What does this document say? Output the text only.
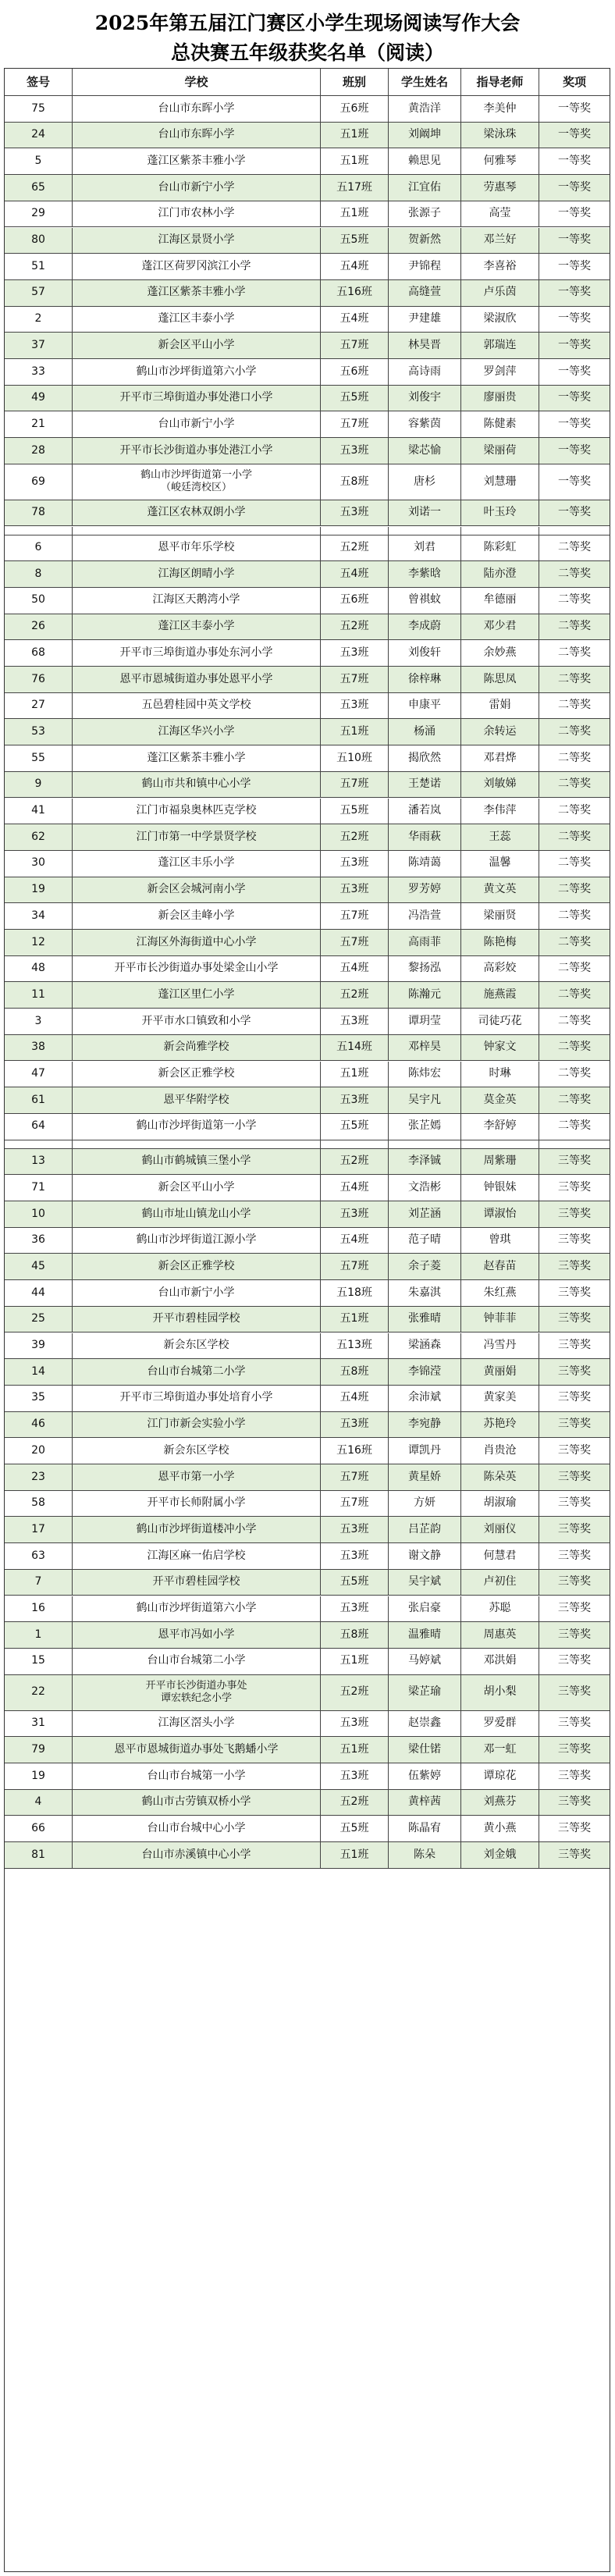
2025年第五届江门赛区小学生现场阅读写作大会
总决赛五年级获奖名单（阅读）
签号	学校	班别	学生姓名	指导老师	奖项
75	台山市东晖小学	五6班	黄浩洋	李美仲	一等奖
24	台山市东晖小学	五1班	刘阚坤	梁泳珠	一等奖
5	蓬江区紫茶丰雅小学	五1班	赖思见	何雅琴	一等奖
65	台山市新宁小学	五17班	江宜佑	劳惠琴	一等奖
29	江门市农林小学	五1班	张源子	高莹	一等奖
80	江海区景贤小学	五5班	贺新然	邓兰好	一等奖
51	蓬江区荷罗冈滨江小学	五4班	尹锦程	李喜裕	一等奖
57	蓬江区紫茶丰雅小学	五16班	高缝萱	卢乐茵	一等奖
2	蓬江区丰泰小学	五4班	尹建雄	梁淑欣	一等奖
37	新会区平山小学	五7班	林昊晋	郭瑞连	一等奖
33	鹤山市沙坪街道第六小学	五6班	高诗雨	罗剑萍	一等奖
49	开平市三埠街道办事处港口小学	五5班	刘俊宇	廖丽贵	一等奖
21	台山市新宁小学	五7班	容紫茵	陈健素	一等奖
28	开平市长沙街道办事处港江小学	五3班	梁芯愉	梁丽荷	一等奖
69	鹤山市沙坪街道第一小学
（峻廷湾校区）
五8班	唐杉	刘慧珊	一等奖
78	蓬江区农林双朗小学	五3班	刘诺一	叶玉玲	一等奖
6	恩平市年乐学校	五2班	刘君	陈彩虹	二等奖
8	江海区朗晴小学	五4班	李紫晗	陆亦澄	二等奖
50	江海区天鹅湾小学	五6班	曾祺蚊	牟德丽	二等奖
26	蓬江区丰泰小学	五2班	李成蔚	邓少君	二等奖
68	开平市三埠街道办事处东河小学	五3班	刘俊轩	余妙燕	二等奖
76	恩平市恩城街道办事处恩平小学	五7班	徐梓琳	陈思凤	二等奖
27	五邑碧桂园中英文学校	五3班	申康平	雷娟	二等奖
53	江海区华兴小学	五1班	杨涌	余转运	二等奖
55	蓬江区紫茶丰雅小学	五10班	揭欣然	邓君烨	二等奖
9	鹤山市共和镇中心小学	五7班	王楚诺	刘敏娣	二等奖
41	江门市福泉奥林匹克学校	五5班	潘若岚	李伟萍	二等奖
62	江门市第一中学景贤学校	五2班	华雨萩	王蕊	二等奖
30	蓬江区丰乐小学	五3班	陈靖蔼	温馨	二等奖
19	新会区会城河南小学	五3班	罗芳婷	黄文英	二等奖
34	新会区圭峰小学	五7班	冯浩萱	梁丽贤	二等奖
12	江海区外海街道中心小学	五7班	高雨菲	陈艳梅	二等奖
48	开平市长沙街道办事处梁金山小学	五4班	黎扬泓	高彩姣	二等奖
11	蓬江区里仁小学	五2班	陈瀚元	施燕霞	二等奖
3	开平市水口镇致和小学	五3班	谭玥莹	司徒巧花	二等奖
38	新会尚雅学校	五14班	邓梓昊	钟家文	二等奖
47	新会区正雅学校	五1班	陈炜宏	时琳	二等奖
61	恩平华附学校	五3班	吴宇凡	莫金英	二等奖
64	鹤山市沙坪街道第一小学	五5班	张芷嫣	李舒婷	二等奖
13	鹤山市鹤城镇三堡小学	五2班	李泽铖	周紫珊	三等奖
71	新会区平山小学	五4班	文浩彬	钟银妹	三等奖
10	鹤山市址山镇龙山小学	五3班	刘芷涵	谭淑怡	三等奖
36	鹤山市沙坪街道江源小学	五4班	范子晴	曾琪	三等奖
45	新会区正雅学校	五7班	余子菱	赵春苗	三等奖
44	台山市新宁小学	五18班	朱嘉淇	朱红燕	三等奖
25	开平市碧桂园学校	五1班	张雅晴	钟菲菲	三等奖
39	新会东区学校	五13班	梁涵森	冯雪丹	三等奖
14	台山市台城第二小学	五8班	李锦滢	黄丽娟	三等奖
35	开平市三埠街道办事处培育小学	五4班	余沛斌	黄家美	三等奖
46	江门市新会实验小学	五3班	李宛静	苏艳玲	三等奖
20	新会东区学校	五16班	谭凯丹	肖贵沧	三等奖
23	恩平市第一小学	五7班	黄星娇	陈朵英	三等奖
58	开平市长师附属小学	五7班	方妍	胡淑瑜	三等奖
17	鹤山市沙坪街道楼冲小学	五3班	吕芷韵	刘丽仪	三等奖
63	江海区麻一佑启学校	五3班	谢文静	何慧君	三等奖
7	开平市碧桂园学校	五5班	吴宇斌	卢初住	三等奖
16	鹤山市沙坪街道第六小学	五3班	张启豪	苏聪	三等奖
1	恩平市冯如小学	五8班	温雅晴	周惠英	三等奖
15	台山市台城第二小学	五1班	马婷斌	邓洪娟	三等奖
22	开平市长沙街道办事处
谭宏轶纪念小学
五2班	梁芷瑜	胡小梨	三等奖
31	江海区滘头小学	五3班	赵崇鑫	罗爱群	三等奖
79	恩平市恩城街道办事处飞鹅蟠小学	五1班	梁仕锘	邓一虹	三等奖
19	台山市台城第一小学	五3班	伍紫婷	谭琼花	三等奖
4	鹤山市古劳镇双桥小学	五2班	黄梓茜	刘燕芬	三等奖
66	台山市台城中心小学	五5班	陈晶宥	黄小燕	三等奖
81	台山市赤溪镇中心小学	五1班	陈朵	刘金娥	三等奖
